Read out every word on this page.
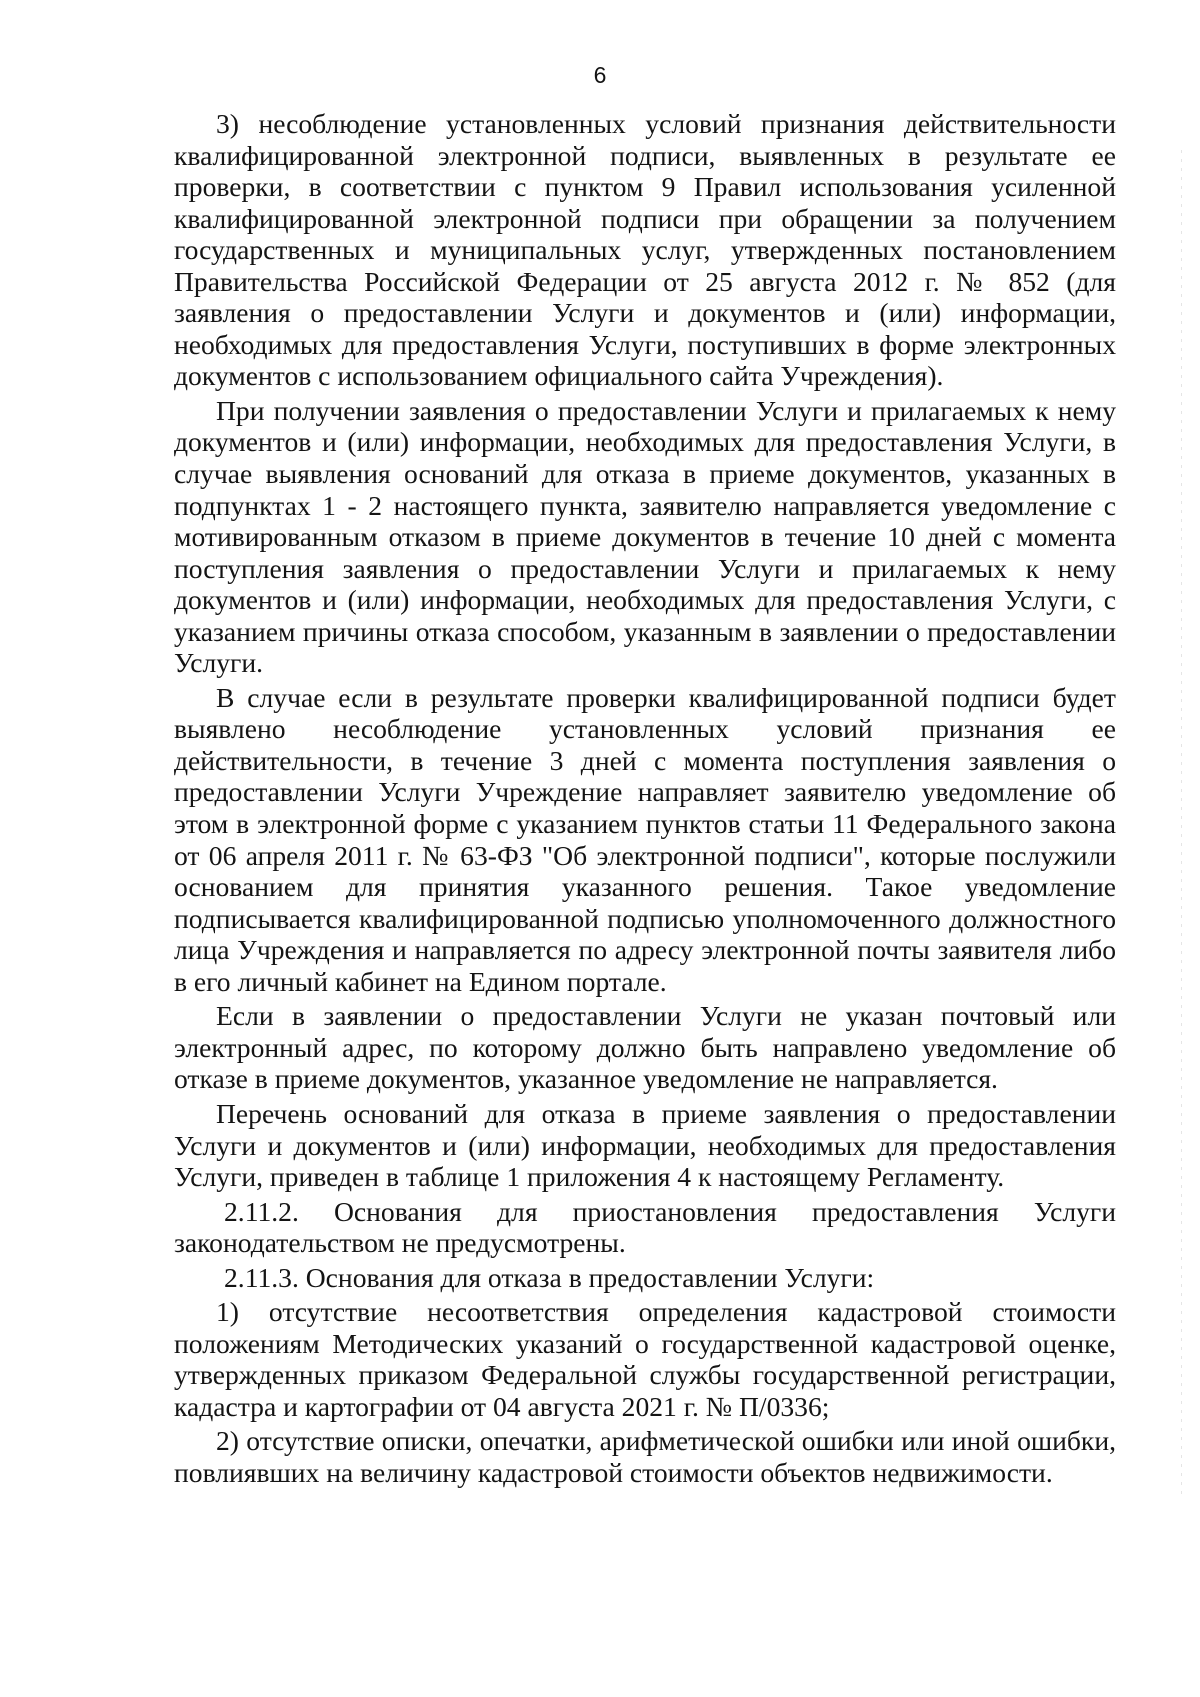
6

3) несоблюдение установленных условий признания действительности квалифицированной электронной подписи, выявленных в результате ее проверки, в соответствии с пунктом 9 Правил использования усиленной квалифицированной электронной подписи при обращении за получением государственных и муниципальных услуг, утвержденных постановлением Правительства Российской Федерации от 25 августа 2012 г. № 852 (для заявления о предоставлении Услуги и документов и (или) информации, необходимых для предоставления Услуги, поступивших в форме электронных документов с использованием официального сайта Учреждения).

При получении заявления о предоставлении Услуги и прилагаемых к нему документов и (или) информации, необходимых для предоставления Услуги, в случае выявления оснований для отказа в приеме документов, указанных в подпунктах 1 - 2 настоящего пункта, заявителю направляется уведомление с мотивированным отказом в приеме документов в течение 10 дней с момента поступления заявления о предоставлении Услуги и прилагаемых к нему документов и (или) информации, необходимых для предоставления Услуги, с указанием причины отказа способом, указанным в заявлении о предоставлении Услуги.

В случае если в результате проверки квалифицированной подписи будет выявлено несоблюдение установленных условий признания ее действительности, в течение 3 дней с момента поступления заявления о предоставлении Услуги Учреждение направляет заявителю уведомление об этом в электронной форме с указанием пунктов статьи 11 Федерального закона от 06 апреля 2011 г. № 63-ФЗ "Об электронной подписи", которые послужили основанием для принятия указанного решения. Такое уведомление подписывается квалифицированной подписью уполномоченного должностного лица Учреждения и направляется по адресу электронной почты заявителя либо в его личный кабинет на Едином портале.

Если в заявлении о предоставлении Услуги не указан почтовый или электронный адрес, по которому должно быть направлено уведомление об отказе в приеме документов, указанное уведомление не направляется.

Перечень оснований для отказа в приеме заявления о предоставлении Услуги и документов и (или) информации, необходимых для предоставления Услуги, приведен в таблице 1 приложения 4 к настоящему Регламенту.

2.11.2. Основания для приостановления предоставления Услуги законодательством не предусмотрены.

2.11.3. Основания для отказа в предоставлении Услуги:

1) отсутствие несоответствия определения кадастровой стоимости положениям Методических указаний о государственной кадастровой оценке, утвержденных приказом Федеральной службы государственной регистрации, кадастра и картографии от 04 августа 2021 г. № П/0336;

2) отсутствие описки, опечатки, арифметической ошибки или иной ошибки, повлиявших на величину кадастровой стоимости объектов недвижимости.
